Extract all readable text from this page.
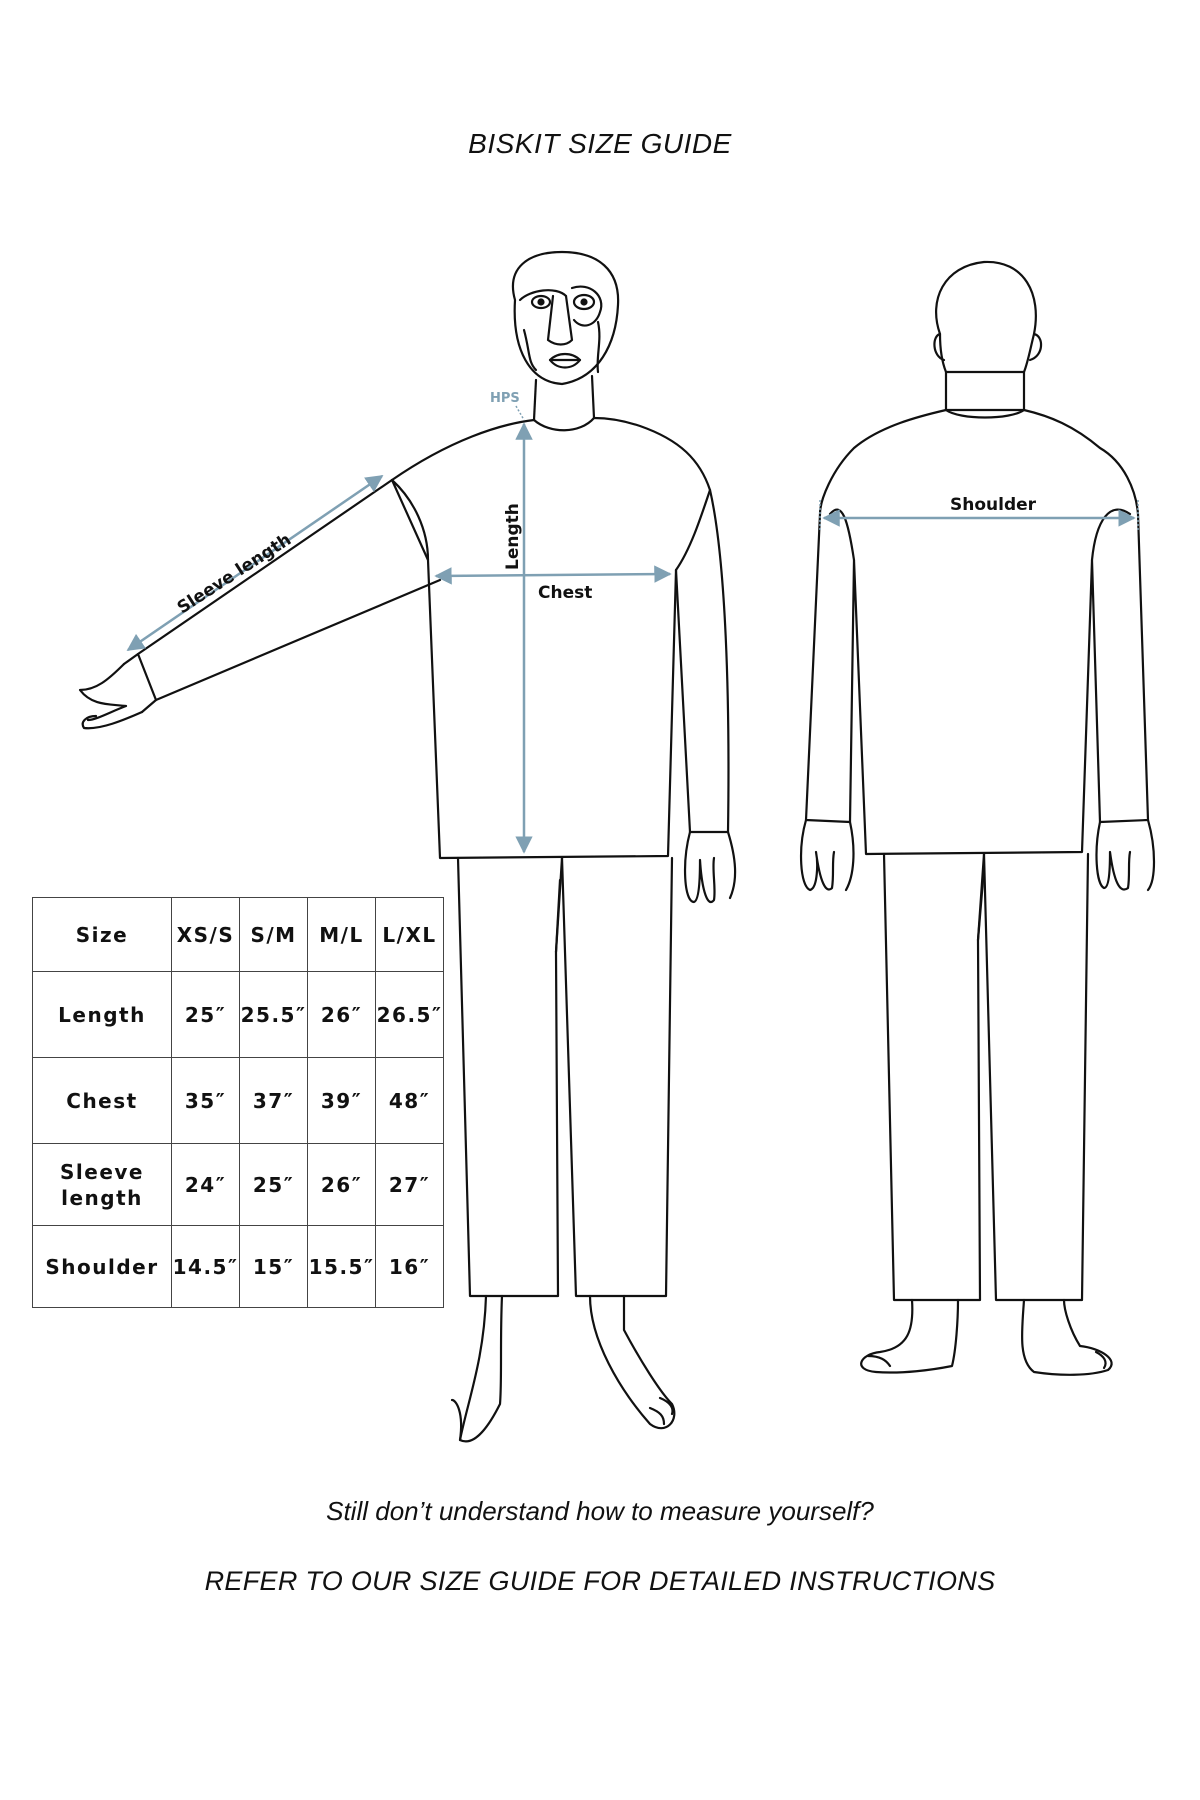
BISKIT SIZE GUIDE
HPS
Length
Chest
Sleeve length
Shoulder
Size	XS/S	S/M	M/L	L/XL
Length	25″	25.5″	26″	26.5″
Chest	35″	37″	39″	48″
Sleeve length	24″	25″	26″	27″
Shoulder	14.5″	15″	15.5″	16″
Still don’t understand how to measure yourself?
REFER TO OUR SIZE GUIDE FOR DETAILED INSTRUCTIONS
